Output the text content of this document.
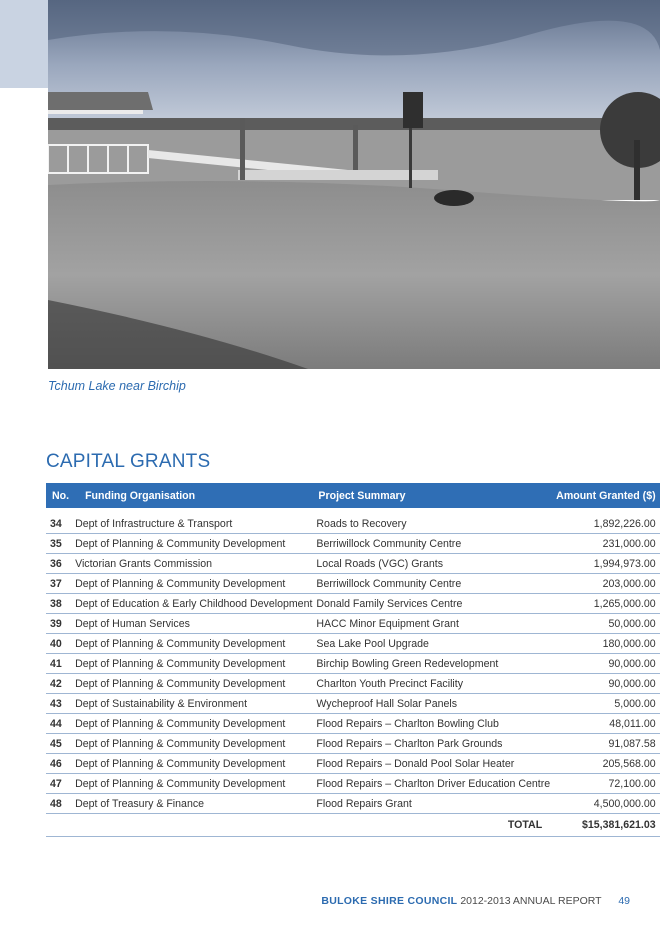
Tchum Lake near Birchip
CAPITAL GRANTS
No.	Funding Organisation	Project Summary	Amount Granted ($)

34	Dept of Infrastructure & Transport	Roads to Recovery	1,892,226.00
35	Dept of Planning & Community Development	Berriwillock Community Centre	231,000.00
36	Victorian Grants Commission	Local Roads (VGC) Grants	1,994,973.00
37	Dept of Planning & Community Development	Berriwillock Community Centre	203,000.00
38	Dept of Education & Early Childhood Development	Donald Family Services Centre	1,265,000.00
39	Dept of Human Services	HACC Minor Equipment Grant	50,000.00
40	Dept of Planning & Community Development	Sea Lake Pool Upgrade	180,000.00
41	Dept of Planning & Community Development	Birchip Bowling Green Redevelopment	90,000.00
42	Dept of Planning & Community Development	Charlton Youth Precinct Facility	90,000.00
43	Dept of Sustainability & Environment	Wycheproof Hall Solar Panels	5,000.00
44	Dept of Planning & Community Development	Flood Repairs – Charlton Bowling Club	48,011.00
45	Dept of Planning & Community Development	Flood Repairs – Charlton Park Grounds	91,087.58
46	Dept of Planning & Community Development	Flood Repairs – Donald Pool Solar Heater	205,568.00
47	Dept of Planning & Community Development	Flood Repairs – Charlton Driver Education Centre	72,100.00
48	Dept of Treasury & Finance	Flood Repairs Grant	4,500,000.00
TOTAL			$15,381,621.03
BULOKE SHIRE COUNCIL 2012-2013 ANNUAL REPORT 49
